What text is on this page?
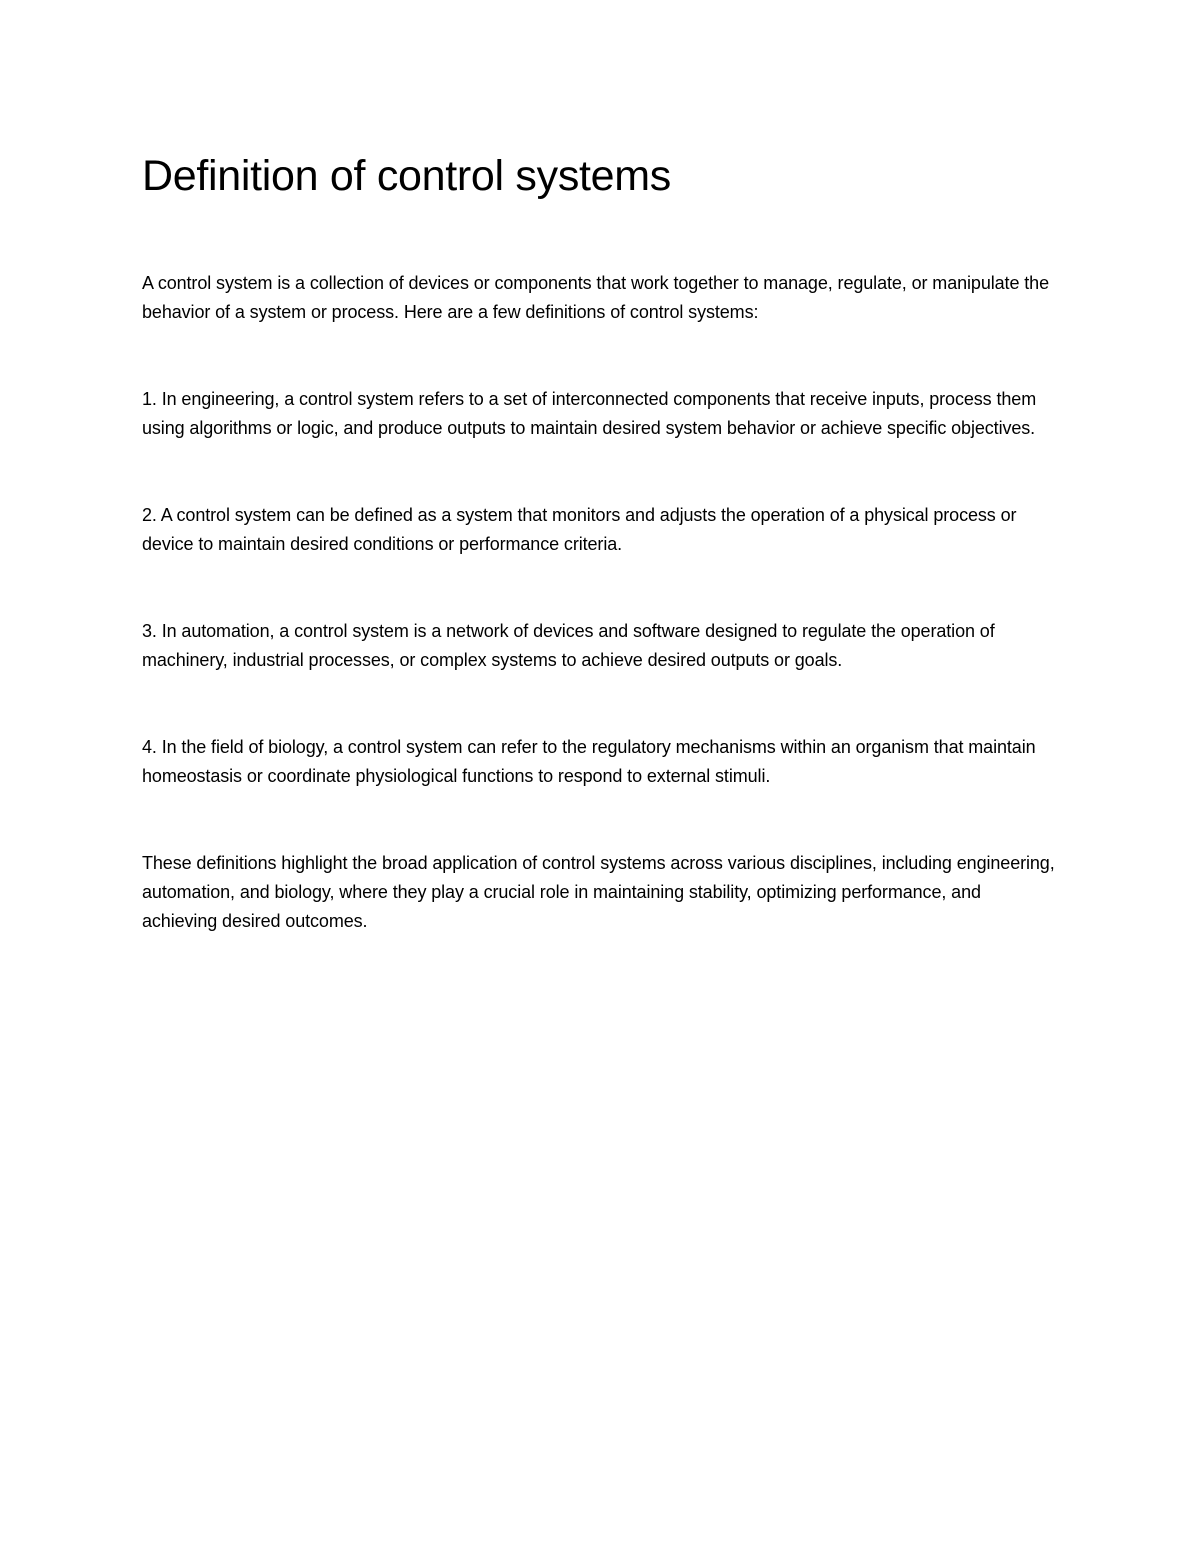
Definition of control systems

A control system is a collection of devices or components that work together to manage, regulate, or manipulate the behavior of a system or process. Here are a few definitions of control systems:

1. In engineering, a control system refers to a set of interconnected components that receive inputs, process them using algorithms or logic, and produce outputs to maintain desired system behavior or achieve specific objectives.

2. A control system can be defined as a system that monitors and adjusts the operation of a physical process or device to maintain desired conditions or performance criteria.

3. In automation, a control system is a network of devices and software designed to regulate the operation of machinery, industrial processes, or complex systems to achieve desired outputs or goals.

4. In the field of biology, a control system can refer to the regulatory mechanisms within an organism that maintain homeostasis or coordinate physiological functions to respond to external stimuli.

These definitions highlight the broad application of control systems across various disciplines, including engineering, automation, and biology, where they play a crucial role in maintaining stability, optimizing performance, and achieving desired outcomes.
